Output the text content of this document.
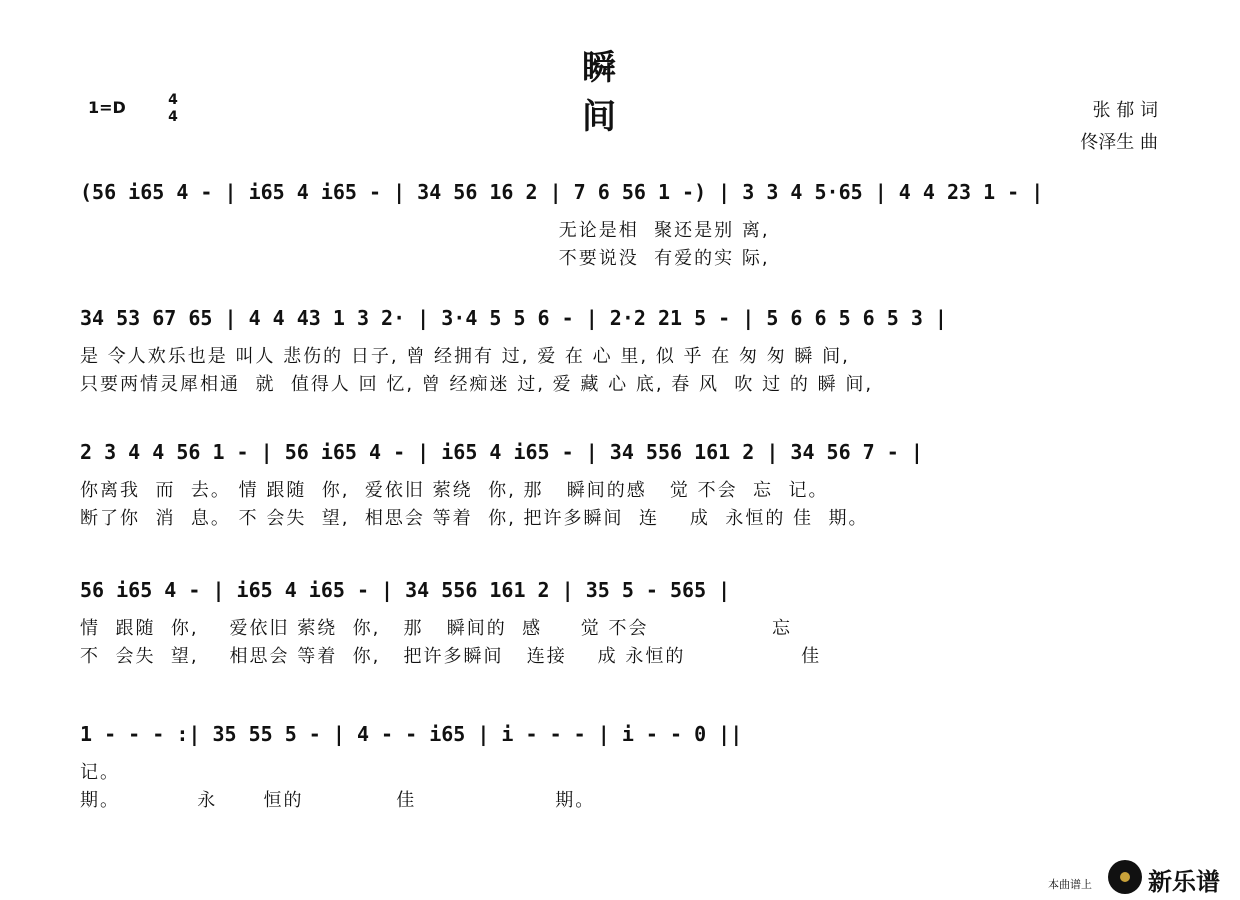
瞬 间
1=D	4
4	张 郁 词
佟泽生 曲
(56 i65 4 - | i65 4 i65 - | 34 56 16 2 | 7 6 56 1 -) | 3 3 4 5·65 | 4 4 23 1 - |
无论是相  聚还是别 离,
不要说没  有爱的实 际,
34 53 67 65 | 4 4 43 1 3 2· | 3·4 5 5 6 - | 2·2 21 5 - | 5 6 6 5 6 5 3 |
是 令人欢乐也是 叫人 悲伤的 日子, 曾 经拥有 过, 爱 在 心 里, 似 乎 在 匆 匆 瞬 间,
只要两情灵犀相通  就  值得人 回 忆, 曾 经痴迷 过, 爱 藏 心 底, 春 风  吹 过 的 瞬 间,
2 3 4 4 56 1 - | 56 i65 4 - | i65 4 i65 - | 34 556 161 2 | 34 56 7 - |
你离我  而  去。 情 跟随  你,  爱依旧 萦绕  你, 那   瞬间的感   觉 不会  忘  记。
断了你  消  息。 不 会失  望,  相思会 等着  你, 把许多瞬间  连    成  永恒的 佳  期。
56 i65 4 - | i65 4 i65 - | 34 556 161 2 | 35 5 - 565 |
情  跟随  你,    爱依旧 萦绕  你,   那   瞬间的  感     觉 不会                忘
不  会失  望,    相思会 等着  你,   把许多瞬间   连接    成 永恒的               佳
1 - - - :| 35 55 5 - | 4 - - i65 | i - - - | i - - 0 ||
记。
期。          永      恒的            佳                  期。
本曲谱上 新乐谱
